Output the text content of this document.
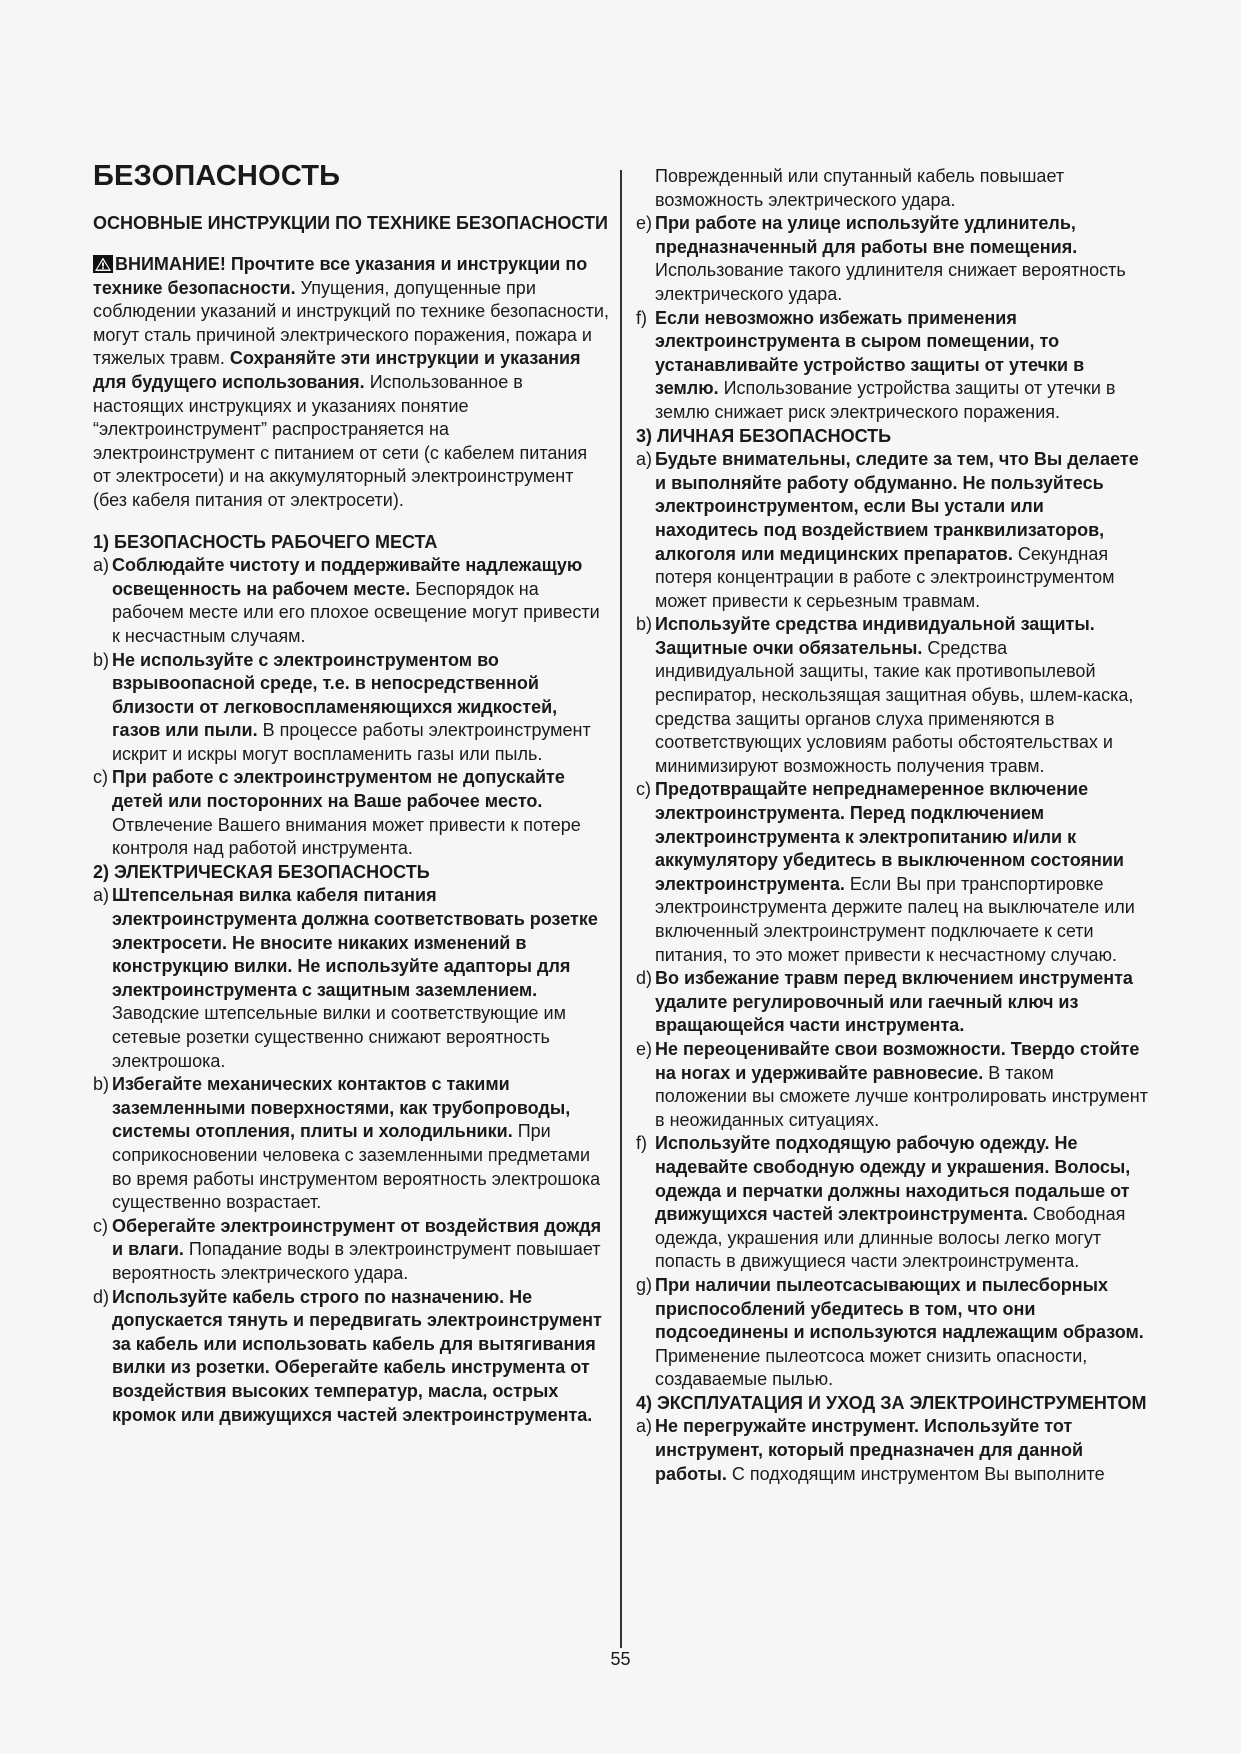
БЕЗОПАСНОСТЬ
ОСНОВНЫЕ ИНСТРУКЦИИ ПО ТЕХНИКЕ БЕЗОПАСНОСТИ

ВНИМАНИЕ! Прочтите все указания и инструкции по технике безопасности. Упущения, допущенные при соблюдении указаний и инструкций по технике безопасности, могут сталь причиной электрического поражения, пожара и тяжелых травм. Сохраняйте эти инструкции и указания для будущего использования. Использованное в настоящих инструкциях и указаниях понятие “электроинструмент” распространяется на электроинструмент с питанием от сети (с кабелем питания от электросети) и на аккумуляторный электроинструмент (без кабеля питания от электросети).

1) БЕЗОПАСНОСТЬ РАБОЧЕГО МЕСТА
a) Соблюдайте чистоту и поддерживайте надлежащую освещенность на рабочем месте. Беспорядок на рабочем месте или его плохое освещение могут привести к несчастным случаям.
b) Не используйте с электроинструментом во взрывоопасной среде, т.е. в непосредственной близости от легковоспламеняющихся жидкостей, газов или пыли. В процессе работы электроинструмент искрит и искры могут воспламенить газы или пыль.
c) При работе с электроинструментом не допускайте детей или посторонних на Ваше рабочее место. Отвлечение Вашего внимания может привести к потере контроля над работой инструмента.
2) ЭЛЕКТРИЧЕСКАЯ БЕЗОПАСНОСТЬ
a) Штепсельная вилка кабеля питания электроинструмента должна соответствовать розетке электросети. Не вносите никаких изменений в конструкцию вилки. Не используйте адапторы для электроинструмента с защитным заземлением. Заводские штепсельные вилки и соответствующие им сетевые розетки существенно снижают вероятность электрошока.
b) Избегайте механических контактов с такими заземленными поверхностями, как трубопроводы, системы отопления, плиты и холодильники. При соприкосновении человека с заземленными предметами во время работы инструментом вероятность электрошока существенно возрастает.
c) Оберегайте электроинструмент от воздействия дождя и влаги. Попадание воды в электроинструмент повышает вероятность электрического удара.
d) Используйте кабель строго по назначению. Не допускается тянуть и передвигать электроинструмент за кабель или использовать кабель для вытягивания вилки из розетки. Оберегайте кабель инструмента от воздействия высоких температур, масла, острых кромок или движущихся частей электроинструмента.

Поврежденный или спутанный кабель повышает возможность электрического удара.

e) При работе на улице используйте удлинитель, предназначенный для работы вне помещения. Использование такого удлинителя снижает вероятность электрического удара.
f) Если невозможно избежать применения электроинструмента в сыром помещении, то устанавливайте устройство защиты от утечки в землю. Использование устройства защиты от утечки в землю снижает риск электрического поражения.
3) ЛИЧНАЯ БЕЗОПАСНОСТЬ
a) Будьте внимательны, следите за тем, что Вы делаете и выполняйте работу обдуманно. Не пользуйтесь электроинструментом, если Вы устали или находитесь под воздействием транквилизаторов, алкоголя или медицинских препаратов. Секундная потеря концентрации в работе с электроинструментом может привести к серьезным травмам.
b) Используйте средства индивидуальной защиты. Защитные очки обязательны. Средства индивидуальной защиты, такие как противопылевой респиратор, нескользящая защитная обувь, шлем-каска, средства защиты органов слуха применяются в соответствующих условиям работы обстоятельствах и минимизируют возможность получения травм.
c) Предотвращайте непреднамеренное включение электроинструмента. Перед подключением электроинструмента к электропитанию и/или к аккумулятору убедитесь в выключенном состоянии электроинструмента. Если Вы при транспортировке электроинструмента держите палец на выключателе или включенный электроинструмент подключаете к сети питания, то это может привести к несчастному случаю.
d) Во избежание травм перед включением инструмента удалите регулировочный или гаечный ключ из вращающейся части инструмента.
e) Не переоценивайте свои возможности. Твердо стойте на ногах и удерживайте равновесие. В таком положении вы сможете лучше контролировать инструмент в неожиданных ситуациях.
f) Используйте подходящую рабочую одежду. Не надевайте свободную одежду и украшения. Волосы, одежда и перчатки должны находиться подальше от движущихся частей электроинструмента. Свободная одежда, украшения или длинные волосы легко могут попасть в движущиеся части электроинструмента.
g) При наличии пылеотсасывающих и пылесборных приспособлений убедитесь в том, что они подсоединены и используются надлежащим образом. Применение пылеотсоса может снизить опасности, создаваемые пылью.
4) ЭКСПЛУАТАЦИЯ И УХОД ЗА ЭЛЕКТРОИНСТРУМЕНТОМ
a) Не перегружайте инструмент. Используйте тот инструмент, который предназначен для данной работы. С подходящим инструментом Вы выполните
55
